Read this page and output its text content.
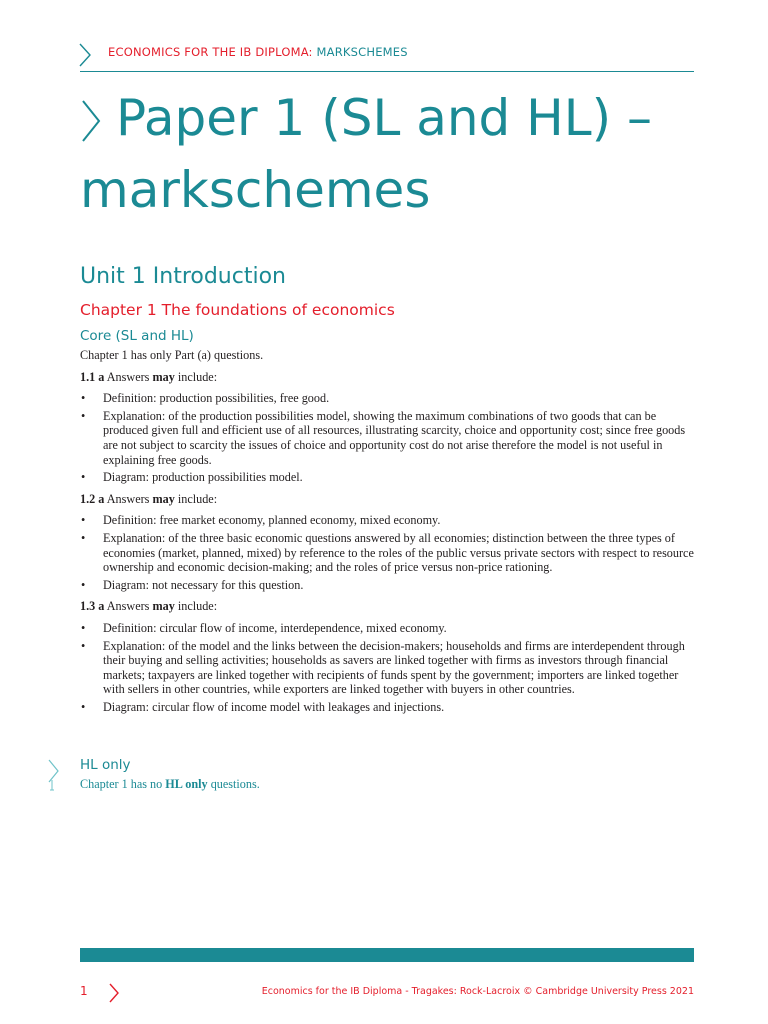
ECONOMICS FOR THE IB DIPLOMA: MARKSCHEMES
Paper 1 (SL and HL) – markschemes
Unit 1 Introduction
Chapter 1 The foundations of economics
Core (SL and HL)

Chapter 1 has only Part (a) questions.

1.1 a Answers may include:

• Definition: production possibilities, free good.
• Explanation: of the production possibilities model, showing the maximum combinations of two goods that can be produced given full and efficient use of all resources, illustrating scarcity, choice and opportunity cost; since free goods are not subject to scarcity the issues of choice and opportunity cost do not arise therefore the model is not useful in explaining free goods.
• Diagram: production possibilities model.

1.2 a Answers may include:

• Definition: free market economy, planned economy, mixed economy.
• Explanation: of the three basic economic questions answered by all economies; distinction between the three types of economies (market, planned, mixed) by reference to the roles of the public versus private sectors with respect to resource ownership and economic decision-making; and the roles of price versus non-price rationing.
• Diagram: not necessary for this question.

1.3 a Answers may include:

• Definition: circular flow of income, interdependence, mixed economy.
• Explanation: of the model and the links between the decision-makers; households and firms are interdependent through their buying and selling activities; households as savers are linked together with firms as investors through financial markets; taxpayers are linked together with recipients of funds spent by the government; importers are linked together with sellers in other countries, while exporters are linked together with buyers in other countries.
• Diagram: circular flow of income model with leakages and injections.
HL only

Chapter 1 has no HL only questions.

1	Economics for the IB Diploma - Tragakes: Rock-Lacroix © Cambridge University Press 2021
